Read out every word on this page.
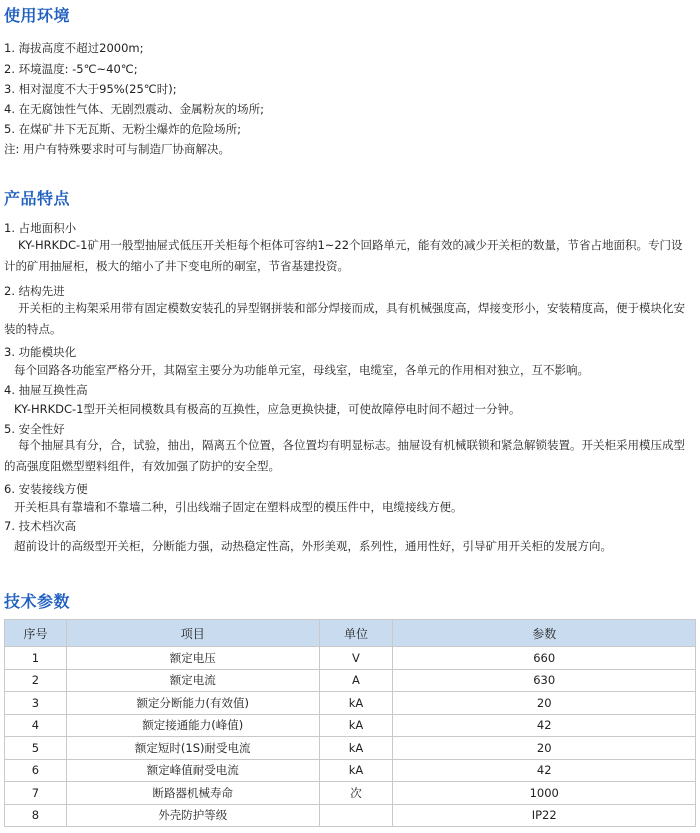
使用环境
1. 海拔高度不超过2000m;
2. 环境温度: -5℃~40℃;
3. 相对湿度不大于95%(25℃时);
4. 在无腐蚀性气体、无剧烈震动、金属粉灰的场所;
5. 在煤矿井下无瓦斯、无粉尘爆炸的危险场所;
注: 用户有特殊要求时可与制造厂协商解决。
产品特点
1. 占地面积小
KY-HRKDC-1矿用一般型抽屉式低压开关柜每个柜体可容纳1~22个回路单元，能有效的减少开关柜的数量，节省占地面积。专门设计的矿用抽屉柜，极大的缩小了井下变电所的硐室，节省基建投资。
2. 结构先进
开关柜的主构架采用带有固定模数安装孔的异型钢拼装和部分焊接而成，具有机械强度高，焊接变形小，安装精度高，便于模块化安装的特点。
3. 功能模块化
每个回路各功能室严格分开，其隔室主要分为功能单元室，母线室，电缆室，各单元的作用相对独立，互不影响。
4. 抽屉互换性高
KY-HRKDC-1型开关柜同模数具有极高的互换性，应急更换快捷，可使故障停电时间不超过一分钟。
5. 安全性好
每个抽屉具有分，合，试验，抽出，隔离五个位置，各位置均有明显标志。抽屉设有机械联锁和紧急解锁装置。开关柜采用模压成型的高强度阻燃型塑料组件，有效加强了防护的安全型。
6. 安装接线方便
开关柜具有靠墙和不靠墙二种，引出线端子固定在塑料成型的模压件中，电缆接线方便。
7. 技术档次高
超前设计的高级型开关柜，分断能力强，动热稳定性高，外形美观，系列性，通用性好，引导矿用开关柜的发展方向。
技术参数
序号	项目	单位	参数
1	额定电压	V	660
2	额定电流	A	630
3	额定分断能力(有效值)	kA	20
4	额定接通能力(峰值)	kA	42
5	额定短时(1S)耐受电流	kA	20
6	额定峰值耐受电流	kA	42
7	断路器机械寿命	次	1000
8	外壳防护等级		IP22
